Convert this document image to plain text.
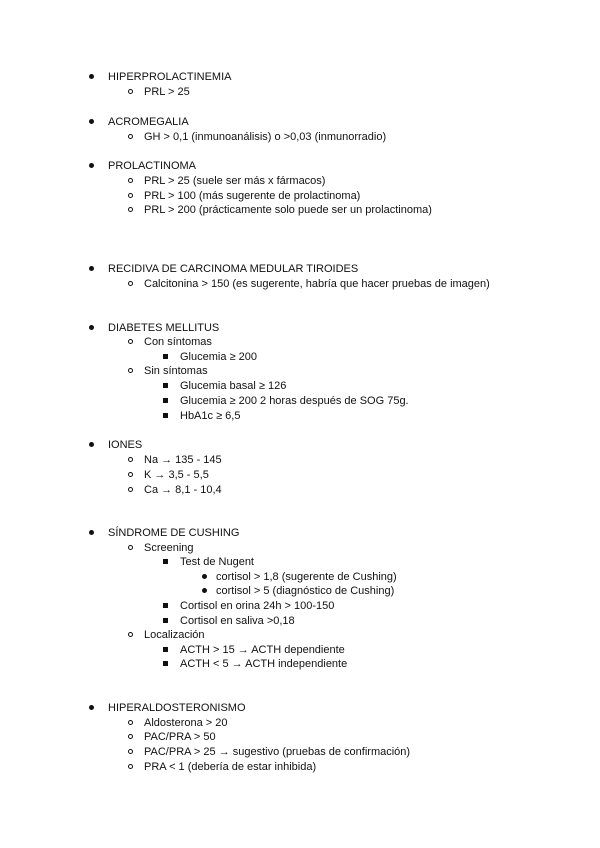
HIPERPROLACTINEMIA
PRL > 25
ACROMEGALIA
GH > 0,1 (inmunoanálisis) o >0,03 (inmunorradio)
PROLACTINOMA
PRL > 25 (suele ser más x fármacos)
PRL > 100 (más sugerente de prolactinoma)
PRL > 200 (prácticamente solo puede ser un prolactinoma)
RECIDIVA DE CARCINOMA MEDULAR TIROIDES
Calcitonina > 150 (es sugerente, habría que hacer pruebas de imagen)
DIABETES MELLITUS
Con síntomas
Glucemia ≥ 200
Sin síntomas
Glucemia basal ≥ 126
Glucemia ≥ 200 2 horas después de SOG 75g.
HbA1c ≥ 6,5
IONES
Na → 135 - 145
K → 3,5 - 5,5
Ca → 8,1 - 10,4
SÍNDROME DE CUSHING
Screening
Test de Nugent
cortisol > 1,8 (sugerente de Cushing)
cortisol > 5 (diagnóstico de Cushing)
Cortisol en orina 24h > 100-150
Cortisol en saliva >0,18
Localización
ACTH > 15 → ACTH dependiente
ACTH < 5 → ACTH independiente
HIPERALDOSTERONISMO
Aldosterona > 20
PAC/PRA > 50
PAC/PRA > 25 → sugestivo (pruebas de confirmación)
PRA < 1 (debería de estar inhibida)
